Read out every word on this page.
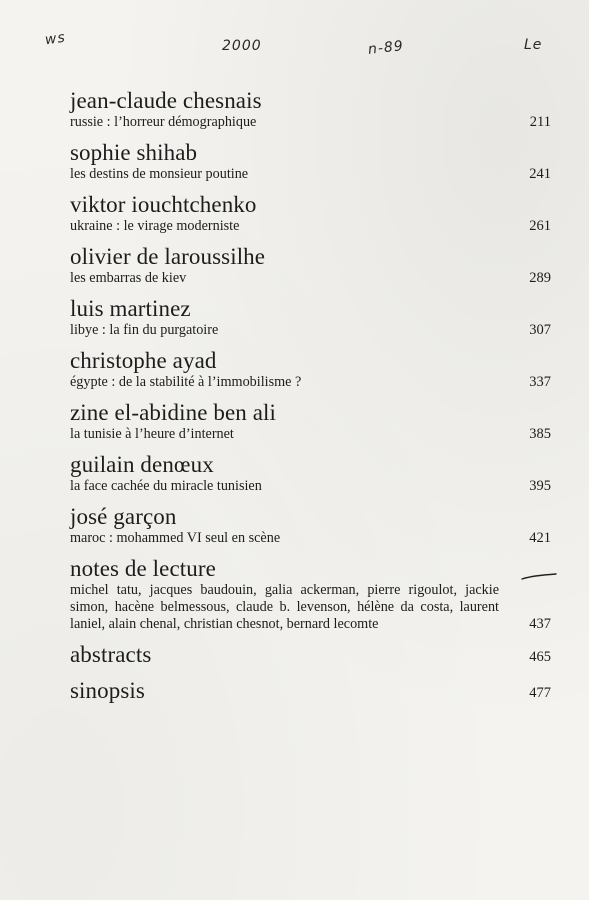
ws	2000	n-89	Le
jean-claude chesnais
russie : l’horreur démographique	211
sophie shihab
les destins de monsieur poutine	241
viktor iouchtchenko
ukraine : le virage moderniste	261
olivier de laroussilhe
les embarras de kiev	289
luis martinez
libye : la fin du purgatoire	307
christophe ayad
égypte : de la stabilité à l’immobilisme ?	337
zine el-abidine ben ali
la tunisie à l’heure d’internet	385
guilain denœux
la face cachée du miracle tunisien	395
josé garçon
maroc : mohammed VI seul en scène	421
notes de lecture
michel tatu, jacques baudouin, galia ackerman, pierre rigoulot, jackie simon, hacène belmessous, claude b. levenson, hélène da costa, laurent laniel, alain chenal, christian chesnot, bernard lecomte	437
abstracts	465
sinopsis	477
